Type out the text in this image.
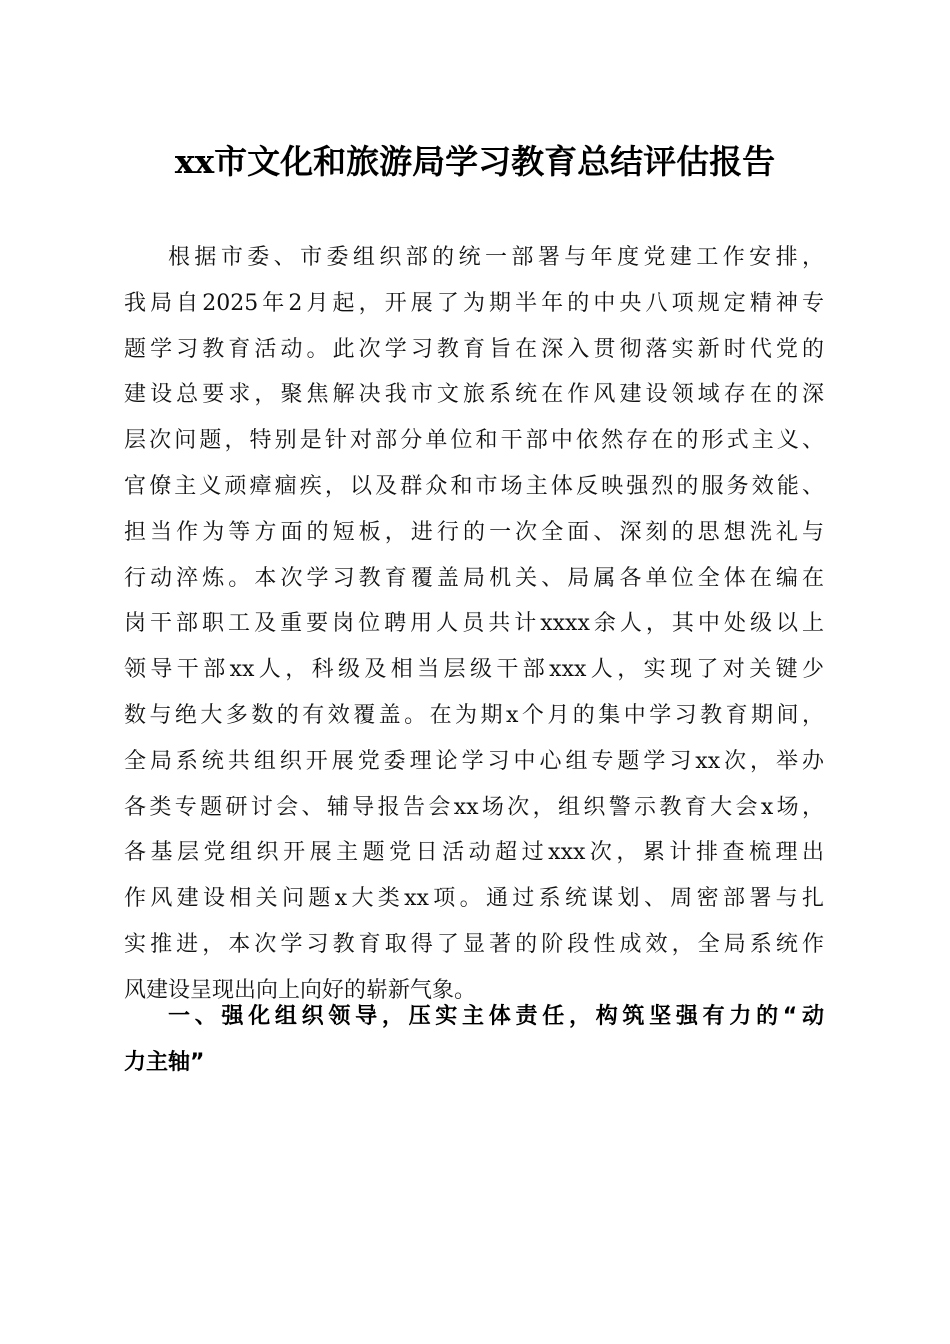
xx市文化和旅游局学习教育总结评估报告
根据市委、市委组织部的统一部署与年度党建工作安排，
我局自2025年2月起，开展了为期半年的中央八项规定精神专
题学习教育活动。此次学习教育旨在深入贯彻落实新时代党的
建设总要求，聚焦解决我市文旅系统在作风建设领域存在的深
层次问题，特别是针对部分单位和干部中依然存在的形式主义、
官僚主义顽瘴痼疾，以及群众和市场主体反映强烈的服务效能、
担当作为等方面的短板，进行的一次全面、深刻的思想洗礼与
行动淬炼。本次学习教育覆盖局机关、局属各单位全体在编在
岗干部职工及重要岗位聘用人员共计xxxx余人，其中处级以上
领导干部xx人，科级及相当层级干部xxx人，实现了对关键少
数与绝大多数的有效覆盖。在为期x个月的集中学习教育期间，
全局系统共组织开展党委理论学习中心组专题学习xx次，举办
各类专题研讨会、辅导报告会xx场次，组织警示教育大会x场，
各基层党组织开展主题党日活动超过xxx次，累计排查梳理出
作风建设相关问题x大类xx项。通过系统谋划、周密部署与扎
实推进，本次学习教育取得了显著的阶段性成效，全局系统作
风建设呈现出向上向好的崭新气象。
一、强化组织领导，压实主体责任，构筑坚强有力的“动
力主轴”
